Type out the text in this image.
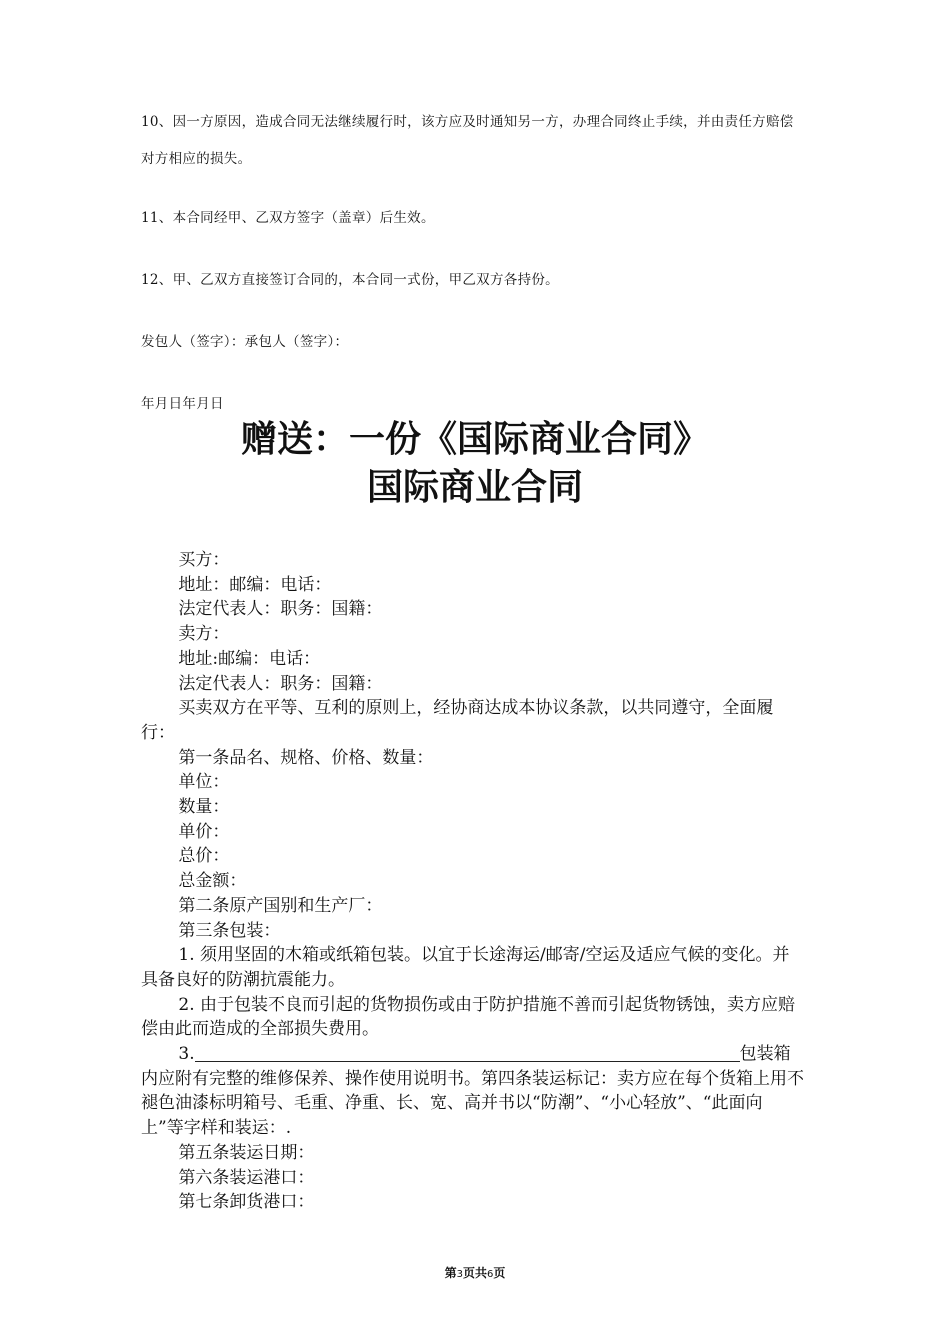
10、因一方原因，造成合同无法继续履行时，该方应及时通知另一方，办理合同终止手续，并由责任方赔偿对方相应的损失。
11、本合同经甲、乙双方签字（盖章）后生效。
12、甲、乙双方直接签订合同的，本合同一式份，甲乙双方各持份。
发包人（签字）：承包人（签字）：
年月日年月日
赠送：一份《国际商业合同》
国际商业合同

买方：

地址：邮编：电话：

法定代表人：职务：国籍：

卖方：

地址:邮编：电话：

法定代表人：职务：国籍：

买卖双方在平等、互利的原则上，经协商达成本协议条款，以共同遵守，全面履行：

第一条品名、规格、价格、数量：

单位：

数量：

单价：

总价：

总金额：

第二条原产国别和生产厂：

第三条包装：

1. 须用坚固的木箱或纸箱包装。以宜于长途海运/邮寄/空运及适应气候的变化。并具备良好的防潮抗震能力。

2. 由于包装不良而引起的货物损伤或由于防护措施不善而引起货物锈蚀，卖方应赔偿由此而造成的全部损失费用。

3.	包装箱内应附有完整的维修保养、操作使用说明书。第四条装运标记：卖方应在每个货箱上用不褪色油漆标明箱号、毛重、净重、长、宽、高并书以“防潮”、“小心轻放”、“此面向上”等字样和装运：.

第五条装运日期：

第六条装运港口：

第七条卸货港口：

第3页共6页
